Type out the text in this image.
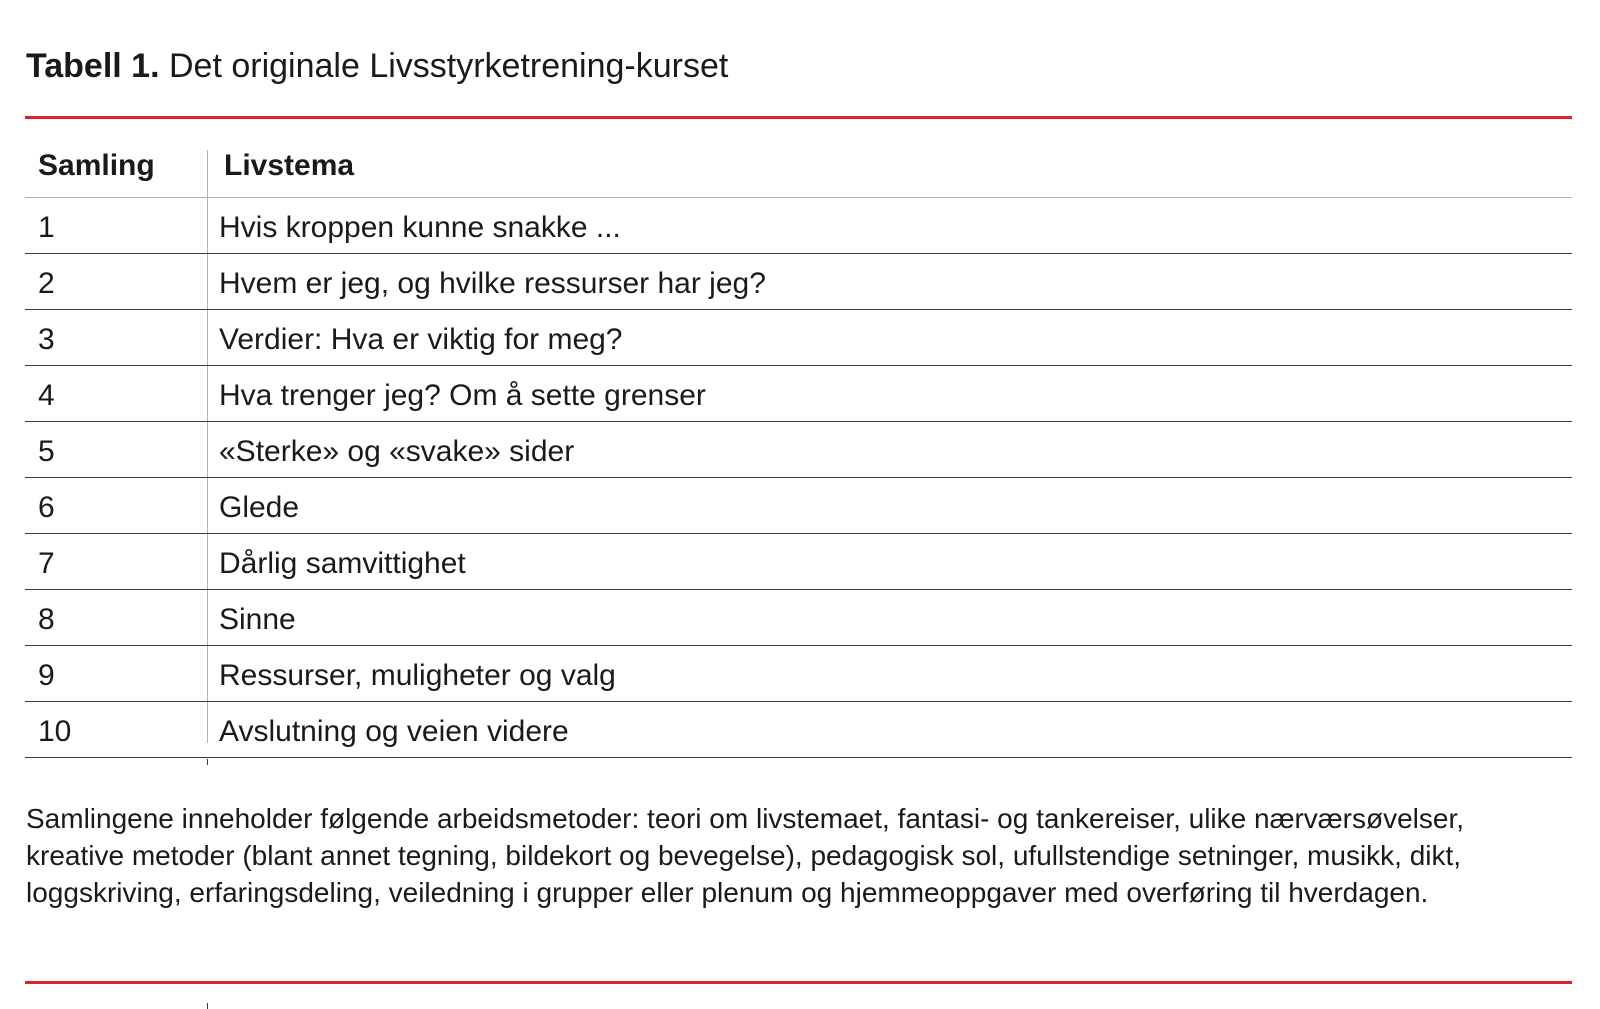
Tabell 1. Det originale Livsstyrketrening-kurset
Samling Livstema
1	Hvis kroppen kunne snakke ...
2	Hvem er jeg, og hvilke ressurser har jeg?
3	Verdier: Hva er viktig for meg?
4	Hva trenger jeg? Om å sette grenser
5	«Sterke» og «svake» sider
6	Glede
7	Dårlig samvittighet
8	Sinne
9	Ressurser, muligheter og valg
10	Avslutning og veien videre
Samlingene inneholder følgende arbeidsmetoder: teori om livstemaet, fantasi- og tankereiser, ulike nærværsøvelser, kreative metoder (blant annet tegning, bildekort og bevegelse), pedagogisk sol, ufullstendige setninger, musikk, dikt, loggskriving, erfaringsdeling, veiledning i grupper eller plenum og hjemmeoppgaver med overføring til hverdagen.
